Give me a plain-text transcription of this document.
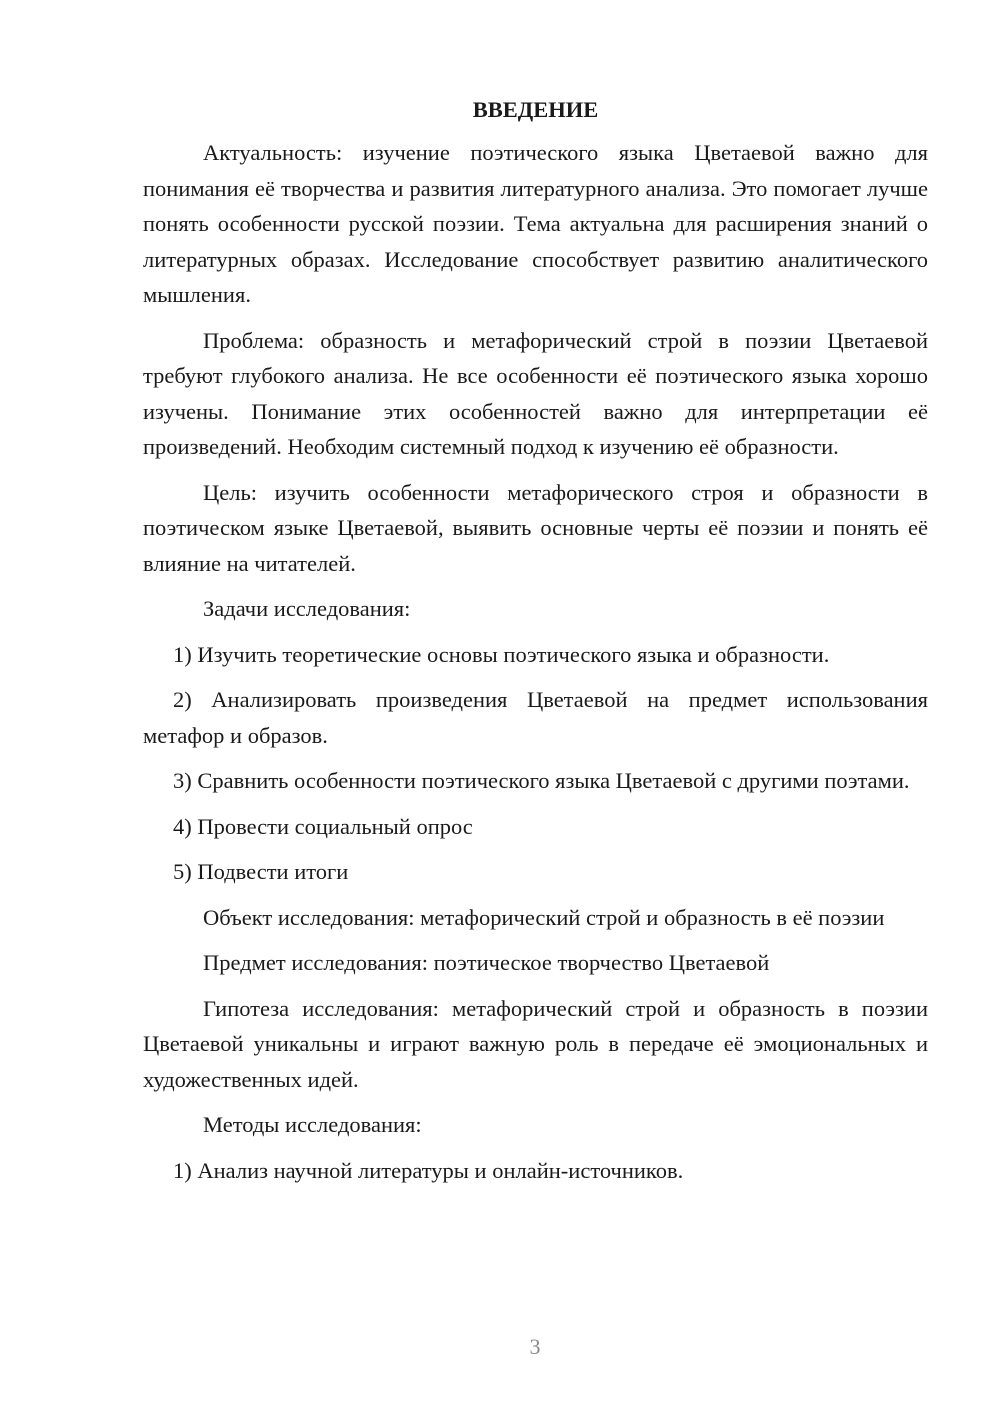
ВВЕДЕНИЕ

Актуальность: изучение поэтического языка Цветаевой важно для понимания её творчества и развития литературного анализа. Это помогает лучше понять особенности русской поэзии. Тема актуальна для расширения знаний о литературных образах. Исследование способствует развитию аналитического мышления.

Проблема: образность и метафорический строй в поэзии Цветаевой требуют глубокого анализа. Не все особенности её поэтического языка хорошо изучены. Понимание этих особенностей важно для интерпретации её произведений. Необходим системный подход к изучению её образности.

Цель: изучить особенности метафорического строя и образности в поэтическом языке Цветаевой, выявить основные черты её поэзии и понять её влияние на читателей.

Задачи исследования:

1) Изучить теоретические основы поэтического языка и образности.

2) Анализировать произведения Цветаевой на предмет использования метафор и образов.

3) Сравнить особенности поэтического языка Цветаевой с другими поэтами.

4) Провести социальный опрос

5) Подвести итоги

Объект исследования: метафорический строй и образность в её поэзии

Предмет исследования: поэтическое творчество Цветаевой

Гипотеза исследования: метафорический строй и образность в поэзии Цветаевой уникальны и играют важную роль в передаче её эмоциональных и художественных идей.

Методы исследования:

1) Анализ научной литературы и онлайн-источников.

3
